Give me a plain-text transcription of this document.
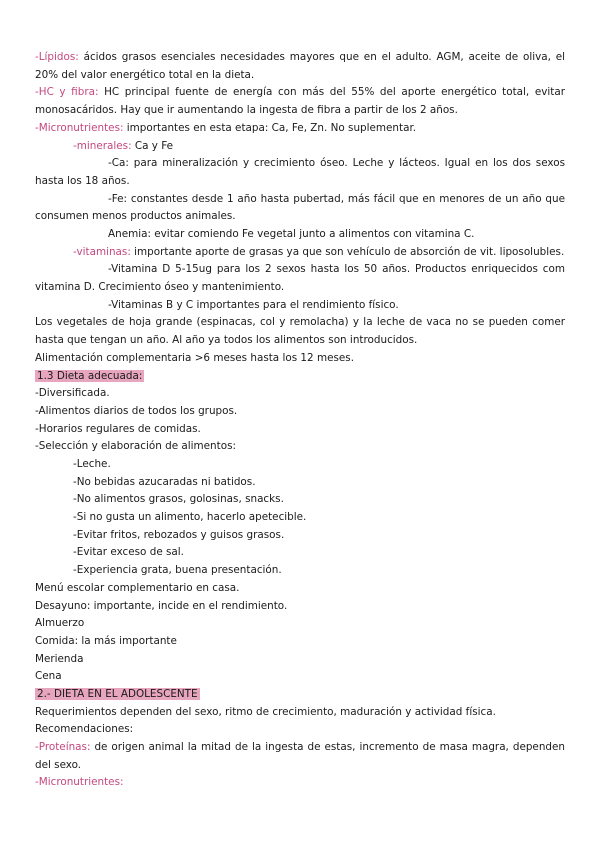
-Lípidos: ácidos grasos esenciales necesidades mayores que en el adulto. AGM, aceite de oliva, el 20% del valor energético total en la dieta.
-HC y fibra: HC principal fuente de energía con más del 55% del aporte energético total, evitar monosacáridos. Hay que ir aumentando la ingesta de fibra a partir de los 2 años.
-Micronutrientes: importantes en esta etapa: Ca, Fe, Zn. No suplementar.
-minerales: Ca y Fe
-Ca: para mineralización y crecimiento óseo. Leche y lácteos. Igual en los dos sexos hasta los 18 años.
-Fe: constantes desde 1 año hasta pubertad, más fácil que en menores de un año que consumen menos productos animales.
Anemia: evitar comiendo Fe vegetal junto a alimentos con vitamina C.
-vitaminas: importante aporte de grasas ya que son vehículo de absorción de vit. liposolubles.
-Vitamina D 5-15ug para los 2 sexos hasta los 50 años. Productos enriquecidos com vitamina D. Crecimiento óseo y mantenimiento.
-Vitaminas B y C importantes para el rendimiento físico.
Los vegetales de hoja grande (espinacas, col y remolacha) y la leche de vaca no se pueden comer hasta que tengan un año. Al año ya todos los alimentos son introducidos.
Alimentación complementaria >6 meses hasta los 12 meses.
1.3 Dieta adecuada:
-Diversificada.
-Alimentos diarios de todos los grupos.
-Horarios regulares de comidas.
-Selección y elaboración de alimentos:
-Leche.
-No bebidas azucaradas ni batidos.
-No alimentos grasos, golosinas, snacks.
-Si no gusta un alimento, hacerlo apetecible.
-Evitar fritos, rebozados y guisos grasos.
-Evitar exceso de sal.
-Experiencia grata, buena presentación.
Menú escolar complementario en casa.
Desayuno: importante, incide en el rendimiento.
Almuerzo
Comida: la más importante
Merienda
Cena
2.- DIETA EN EL ADOLESCENTE
Requerimientos dependen del sexo, ritmo de crecimiento, maduración y actividad física.
Recomendaciones:
-Proteínas: de origen animal la mitad de la ingesta de estas, incremento de masa magra, dependen del sexo.
-Micronutrientes:
